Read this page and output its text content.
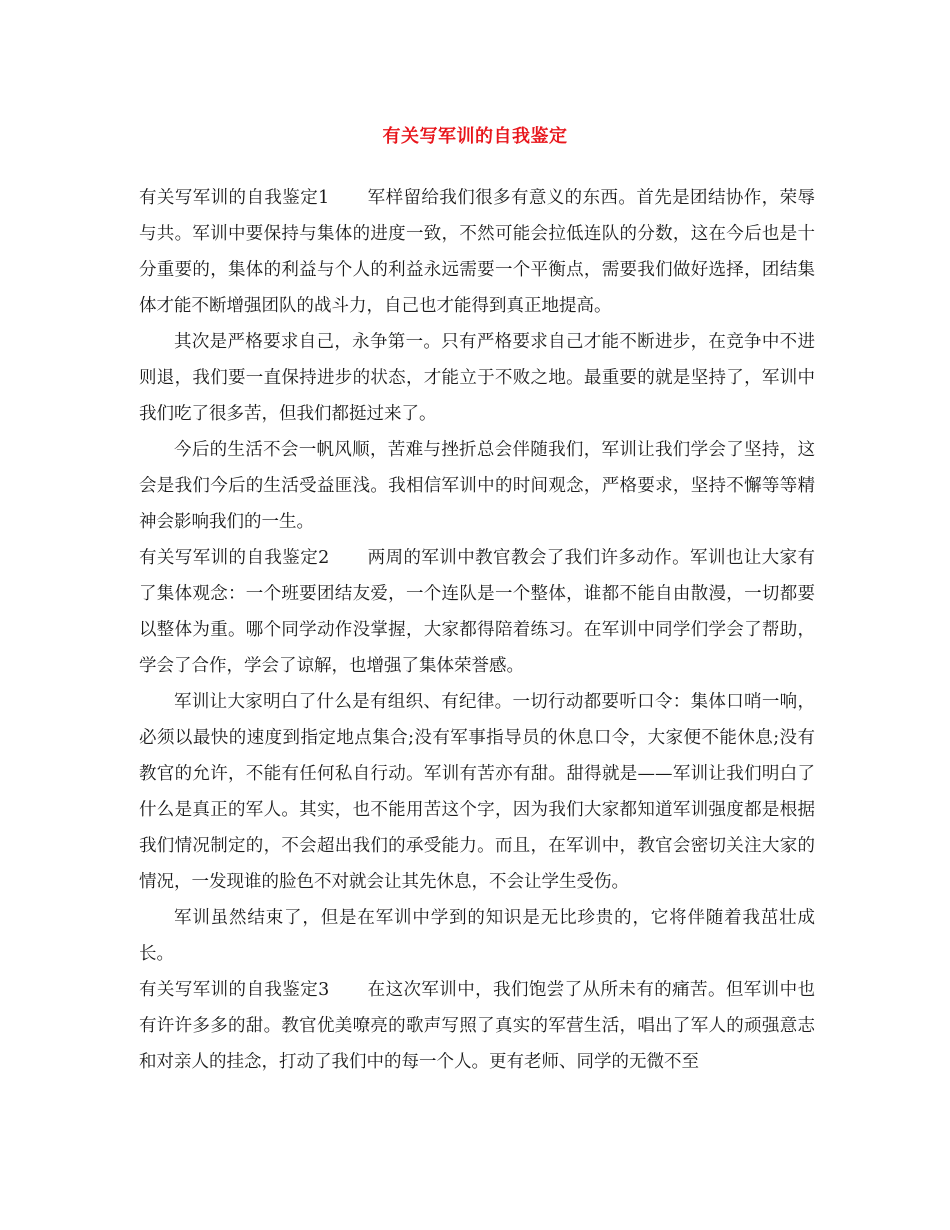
有关写军训的自我鉴定

有关写军训的自我鉴定1 军样留给我们很多有意义的东西。首先是团结协作，荣辱与共。军训中要保持与集体的进度一致，不然可能会拉低连队的分数，这在今后也是十分重要的，集体的利益与个人的利益永远需要一个平衡点，需要我们做好选择，团结集体才能不断增强团队的战斗力，自己也才能得到真正地提高。

其次是严格要求自己，永争第一。只有严格要求自己才能不断进步，在竞争中不进则退，我们要一直保持进步的状态，才能立于不败之地。最重要的就是坚持了，军训中我们吃了很多苦，但我们都挺过来了。

今后的生活不会一帆风顺，苦难与挫折总会伴随我们，军训让我们学会了坚持，这会是我们今后的生活受益匪浅。我相信军训中的时间观念，严格要求，坚持不懈等等精神会影响我们的一生。

有关写军训的自我鉴定2 两周的军训中教官教会了我们许多动作。军训也让大家有了集体观念：一个班要团结友爱，一个连队是一个整体，谁都不能自由散漫，一切都要以整体为重。哪个同学动作没掌握，大家都得陪着练习。在军训中同学们学会了帮助，学会了合作，学会了谅解，也增强了集体荣誉感。

军训让大家明白了什么是有组织、有纪律。一切行动都要听口令：集体口哨一响，必须以最快的速度到指定地点集合;没有军事指导员的休息口令，大家便不能休息;没有教官的允许，不能有任何私自行动。军训有苦亦有甜。甜得就是——军训让我们明白了什么是真正的军人。其实，也不能用苦这个字，因为我们大家都知道军训强度都是根据我们情况制定的，不会超出我们的承受能力。而且，在军训中，教官会密切关注大家的情况，一发现谁的脸色不对就会让其先休息，不会让学生受伤。

军训虽然结束了，但是在军训中学到的知识是无比珍贵的，它将伴随着我茁壮成长。

有关写军训的自我鉴定3 在这次军训中，我们饱尝了从所未有的痛苦。但军训中也有许许多多的甜。教官优美嘹亮的歌声写照了真实的军营生活，唱出了军人的顽强意志和对亲人的挂念，打动了我们中的每一个人。更有老师、同学的无微不至
